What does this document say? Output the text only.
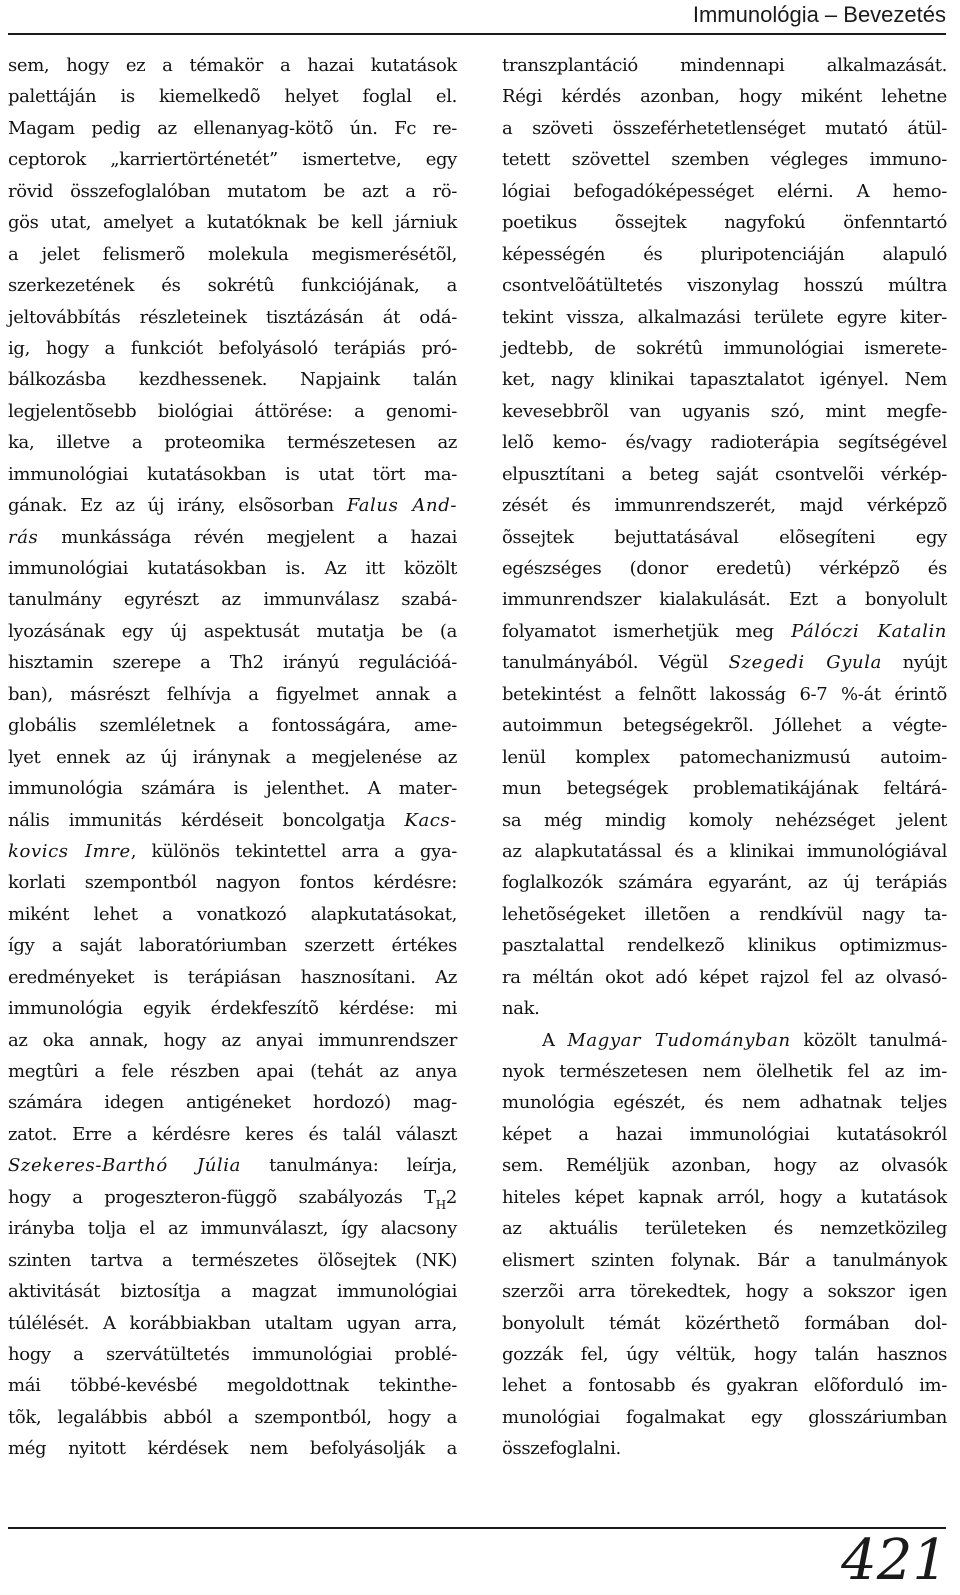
Immunológia – Bevezetés
sem, hogy ez a témakör a hazai kutatások
palettáján is kiemelkedõ helyet foglal el.
Magam pedig az ellenanyag-kötõ ún. Fc re-
ceptorok „karriertörténetét” ismertetve, egy
rövid összefoglalóban mutatom be azt a rö-
gös utat, amelyet a kutatóknak be kell járniuk
a jelet felismerõ molekula megismerésétõl,
szerkezetének és sokrétû funkciójának, a
jeltovábbítás részleteinek tisztázásán át odá-
ig, hogy a funkciót befolyásoló terápiás pró-
bálkozásba kezdhessenek. Napjaink talán
legjelentõsebb biológiai áttörése: a genomi-
ka, illetve a proteomika természetesen az
immunológiai kutatásokban is utat tört ma-
gának. Ez az új irány, elsõsorban Falus And-
rás munkássága révén megjelent a hazai
immunológiai kutatásokban is. Az itt közölt
tanulmány egyrészt az immunválasz szabá-
lyozásának egy új aspektusát mutatja be (a
hisztamin szerepe a Th2 irányú regulációá-
ban), másrészt felhívja a figyelmet annak a
globális szemléletnek a fontosságára, ame-
lyet ennek az új iránynak a megjelenése az
immunológia számára is jelenthet. A mater-
nális immunitás kérdéseit boncolgatja Kacs-
kovics Imre, különös tekintettel arra a gya-
korlati szempontból nagyon fontos kérdésre:
miként lehet a vonatkozó alapkutatásokat,
így a saját laboratóriumban szerzett értékes
eredményeket is terápiásan hasznosítani. Az
immunológia egyik érdekfeszítõ kérdése: mi
az oka annak, hogy az anyai immunrendszer
megtûri a fele részben apai (tehát az anya
számára idegen antigéneket hordozó) mag-
zatot. Erre a kérdésre keres és talál választ
Szekeres-Barthó Júlia tanulmánya: leírja,
hogy a progeszteron-függõ szabályozás $T_H2$
irányba tolja el az immunválaszt, így alacsony
szinten tartva a természetes ölõsejtek (NK)
aktivitását biztosítja a magzat immunológiai
túlélését. A korábbiakban utaltam ugyan arra,
hogy a szervátültetés immunológiai problé-
mái többé-kevésbé megoldottnak tekinthe-
tõk, legalábbis abból a szempontból, hogy a
még nyitott kérdések nem befolyásolják a
transzplantáció mindennapi alkalmazását.
Régi kérdés azonban, hogy miként lehetne
a szöveti összeférhetetlenséget mutató átül-
tetett szövettel szemben végleges immuno-
lógiai befogadóképességet elérni. A hemo-
poetikus õssejtek nagyfokú önfenntartó
képességén és pluripotenciáján alapuló
csontvelõátültetés viszonylag hosszú múltra
tekint vissza, alkalmazási területe egyre kiter-
jedtebb, de sokrétû immunológiai ismerete-
ket, nagy klinikai tapasztalatot igényel. Nem
kevesebbrõl van ugyanis szó, mint megfe-
lelõ kemo- és/vagy radioterápia segítségével
elpusztítani a beteg saját csontvelõi vérkép-
zését és immunrendszerét, majd vérképzõ
õssejtek bejuttatásával elõsegíteni egy
egészséges (donor eredetû) vérképzõ és
immunrendszer kialakulását. Ezt a bonyolult
folyamatot ismerhetjük meg Pálóczi Katalin
tanulmányából. Végül Szegedi Gyula nyújt
betekintést a felnõtt lakosság 6-7 %-át érintõ
autoimmun betegségekrõl. Jóllehet a végte-
lenül komplex patomechanizmusú autoim-
mun betegségek problematikájának feltárá-
sa még mindig komoly nehézséget jelent
az alapkutatással és a klinikai immunológiával
foglalkozók számára egyaránt, az új terápiás
lehetõségeket illetõen a rendkívül nagy ta-
pasztalattal rendelkezõ klinikus optimizmus-
ra méltán okot adó képet rajzol fel az olvasó-
nak.
A Magyar Tudományban közölt tanulmá-
nyok természetesen nem ölelhetik fel az im-
munológia egészét, és nem adhatnak teljes
képet a hazai immunológiai kutatásokról
sem. Reméljük azonban, hogy az olvasók
hiteles képet kapnak arról, hogy a kutatások
az aktuális területeken és nemzetközileg
elismert szinten folynak. Bár a tanulmányok
szerzõi arra törekedtek, hogy a sokszor igen
bonyolult témát közérthetõ formában dol-
gozzák fel, úgy véltük, hogy talán hasznos
lehet a fontosabb és gyakran elõforduló im-
munológiai fogalmakat egy glosszáriumban
összefoglalni.
421
